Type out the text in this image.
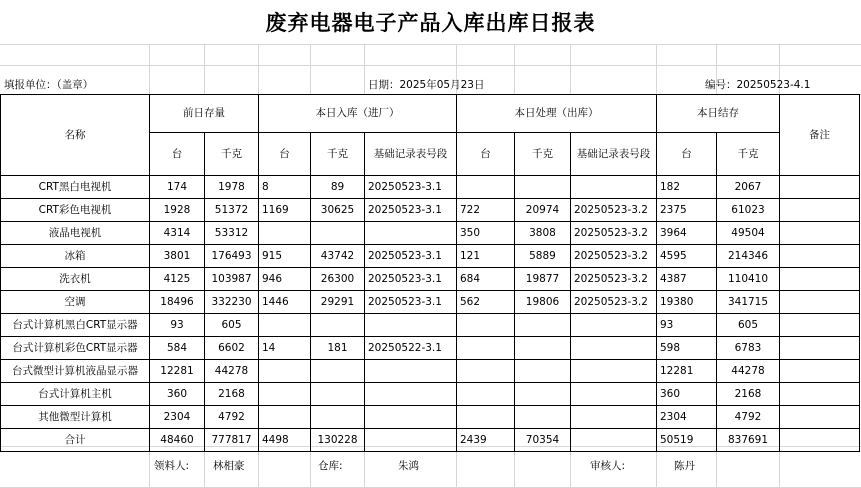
废弃电器电子产品入库出库日报表
填报单位：（盖章）	日期：2025年05月23日	编号：20250523-4.1
名称	前日存量		本日入库（进厂）			本日处理（出库）			本日结存		备注
	台	千克	台	千克	基础记录表号段	台	千克	基础记录表号段	台	千克	
CRT黑白电视机	174	1978	8	89	20250523-3.1				182	2067	
CRT彩色电视机	1928	51372	1169	30625	20250523-3.1	722	20974	20250523-3.2	2375	61023	
液晶电视机	4314	53312				350	3808	20250523-3.2	3964	49504	
冰箱	3801	176493	915	43742	20250523-3.1	121	5889	20250523-3.2	4595	214346	
洗衣机	4125	103987	946	26300	20250523-3.1	684	19877	20250523-3.2	4387	110410	
空调	18496	332230	1446	29291	20250523-3.1	562	19806	20250523-3.2	19380	341715	
台式计算机黑白CRT显示器	93	605							93	605	
台式计算机彩色CRT显示器	584	6602	14	181	20250522-3.1				598	6783	
台式微型计算机液晶显示器	12281	44278							12281	44278	
台式计算机主机	360	2168							360	2168	
其他微型计算机	2304	4792							2304	4792	
合计	48460	777817	4498	130228		2439	70354		50519	837691	
领料人: 林相豪	仓库:	朱鸿	审核人:	陈丹
